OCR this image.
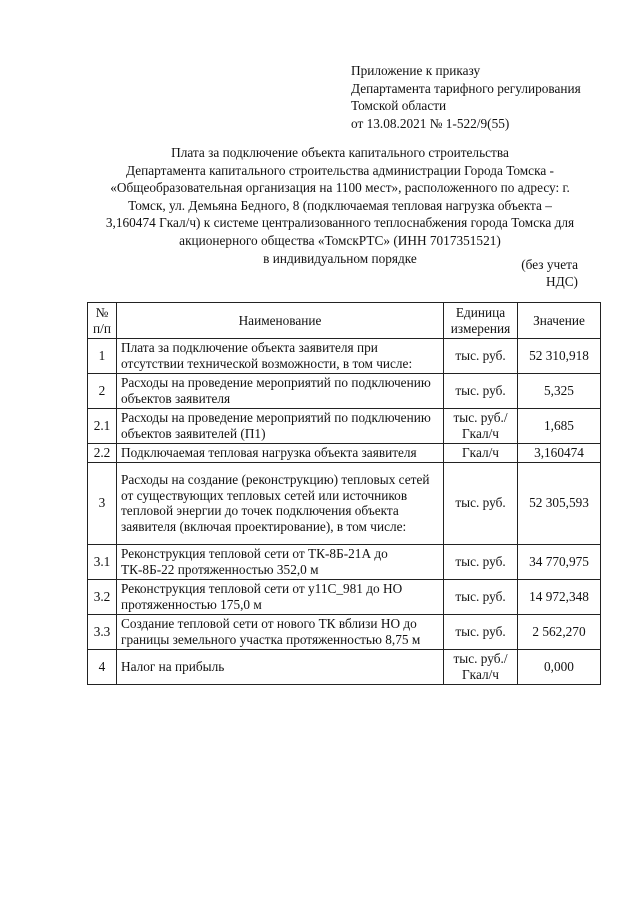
Приложение к приказу
Департамента тарифного регулирования
Томской области
от 13.08.2021 № 1-522/9(55)
Плата за подключение объекта капитального строительства
Департамента капитального строительства администрации Города Томска -
«Общеобразовательная организация на 1100 мест», расположенного по адресу: г.
Томск, ул. Демьяна Бедного, 8 (подключаемая тепловая нагрузка объекта –
3,160474 Гкал/ч) к системе централизованного теплоснабжения города Томска для
акционерного общества «ТомскРТС» (ИНН 7017351521)
в индивидуальном порядке	(без учета
НДС)
№ п/п	Наименование	Единица измерения	Значение
1	Плата за подключение объекта заявителя при отсутствии технической возможности, в том числе:	тыс. руб.	52 310,918
2	Расходы на проведение мероприятий по подключению объектов заявителя	тыс. руб.	5,325
2.1	Расходы на проведение мероприятий по подключению объектов заявителей (П1)	тыс. руб./ Гкал/ч	1,685
2.2	Подключаемая тепловая нагрузка объекта заявителя	Гкал/ч	3,160474
3	Расходы на создание (реконструкцию) тепловых сетей от существующих тепловых сетей или источников тепловой энергии до точек подключения объекта заявителя (включая проектирование), в том числе:	тыс. руб.	52 305,593
3.1	Реконструкция тепловой сети от ТК-8Б-21А до ТК-8Б-22 протяженностью 352,0 м	тыс. руб.	34 770,975
3.2	Реконструкция тепловой сети от у11С_981 до НО протяженностью 175,0 м	тыс. руб.	14 972,348
3.3	Создание тепловой сети от нового ТК вблизи НО до границы земельного участка протяженностью 8,75 м	тыс. руб.	2 562,270
4	Налог на прибыль	тыс. руб./ Гкал/ч	0,000
